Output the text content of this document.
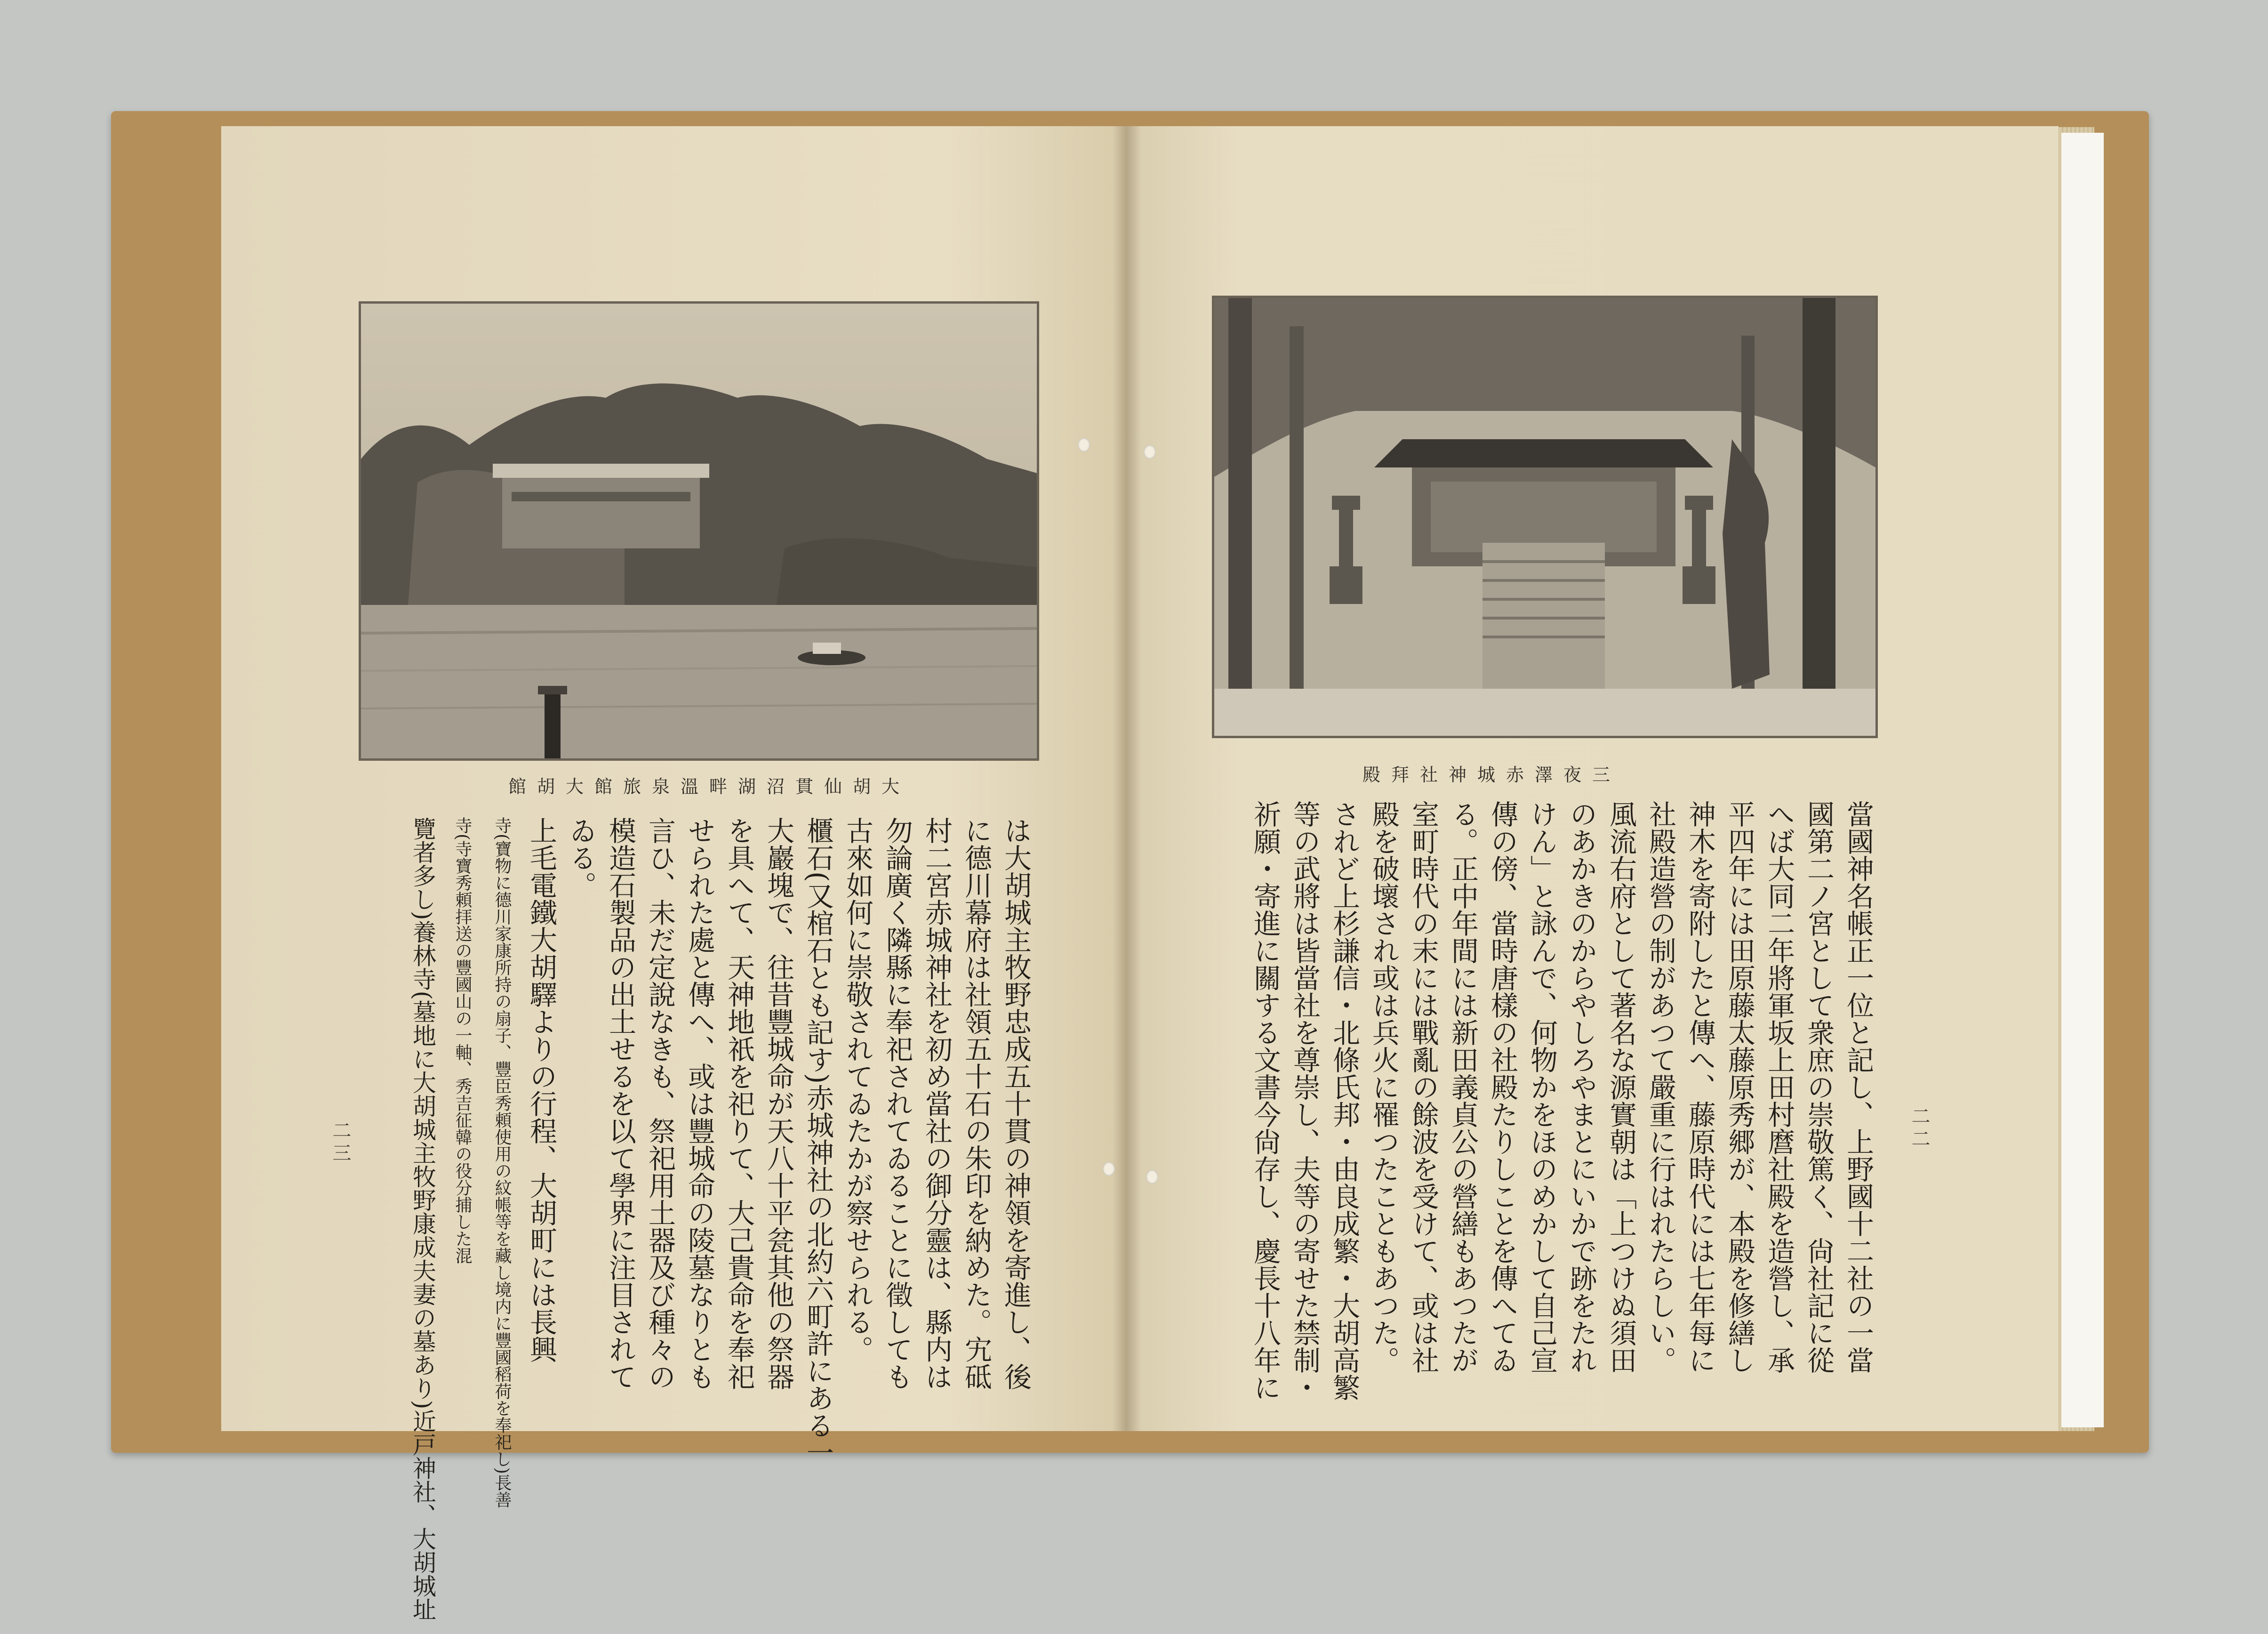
館胡大館旅泉溫畔湖沼貫仙胡大

は大胡城主牧野忠成五十貫の神領を寄進し、後

に德川幕府は社領五十石の朱印を納めた。宄砥

村二宮赤城神社を初め當社の御分靈は、縣内は

勿論廣く隣縣に奉祀されてゐることに徵しても

古來如何に崇敬されてゐたかが察せられる。

櫃石(又棺石とも記す)赤城神社の北約六町許にある一

大巖塊で、往昔豐城命が天八十平瓫其他の祭器

を具へて、天神地祇を祀りて、大己貴命を奉祀

せられた處と傳へ、或は豐城命の陵墓なりとも

言ひ、未だ定說なきも、祭祀用土器及び種々の

模造石製品の出土せるを以て學界に注目されて

ゐる。

上毛電鐵大胡驛よりの行程、大胡町には長興

寺(寶物に德川家康所持の扇子、豐臣秀頼使用の紋帳等を藏し境内に豐國稻荷を奉祀し)長善

寺(寺寶秀頼拝送の豐國山の一軸、秀吉征韓の役分捕した混

覽者多し)養林寺(墓地に大胡城主牧野康成夫妻の墓あり)近戸神社、大胡城址

二三
殿拜社神城赤澤夜三

當國神名帳正一位と記し、上野國十二社の一當

國第二ノ宮として衆庶の崇敬篤く、尙社記に從

へば大同二年將軍坂上田村麿社殿を造營し、承

平四年には田原藤太藤原秀郷が、本殿を修繕し

神木を寄附したと傳へ、藤原時代には七年每に

社殿造營の制があつて嚴重に行はれたらしい。

風流右府として著名な源實朝は「上つけぬ須田

のあかきのからやしろやまとにいかで跡をたれ

けん」と詠んで、何物かをほのめかして自己宣

傳の傍、當時唐樣の社殿たりしことを傳へてゐ

る。正中年間には新田義貞公の營繕もあつたが

室町時代の末には戰亂の餘波を受けて、或は社

殿を破壞され或は兵火に罹つたこともあつた。

されど上杉謙信・北條氏邦・由良成繁・大胡高繁

等の武將は皆當社を尊崇し、夫等の寄せた禁制・

祈願・寄進に關する文書今尙存し、慶長十八年に	二二
